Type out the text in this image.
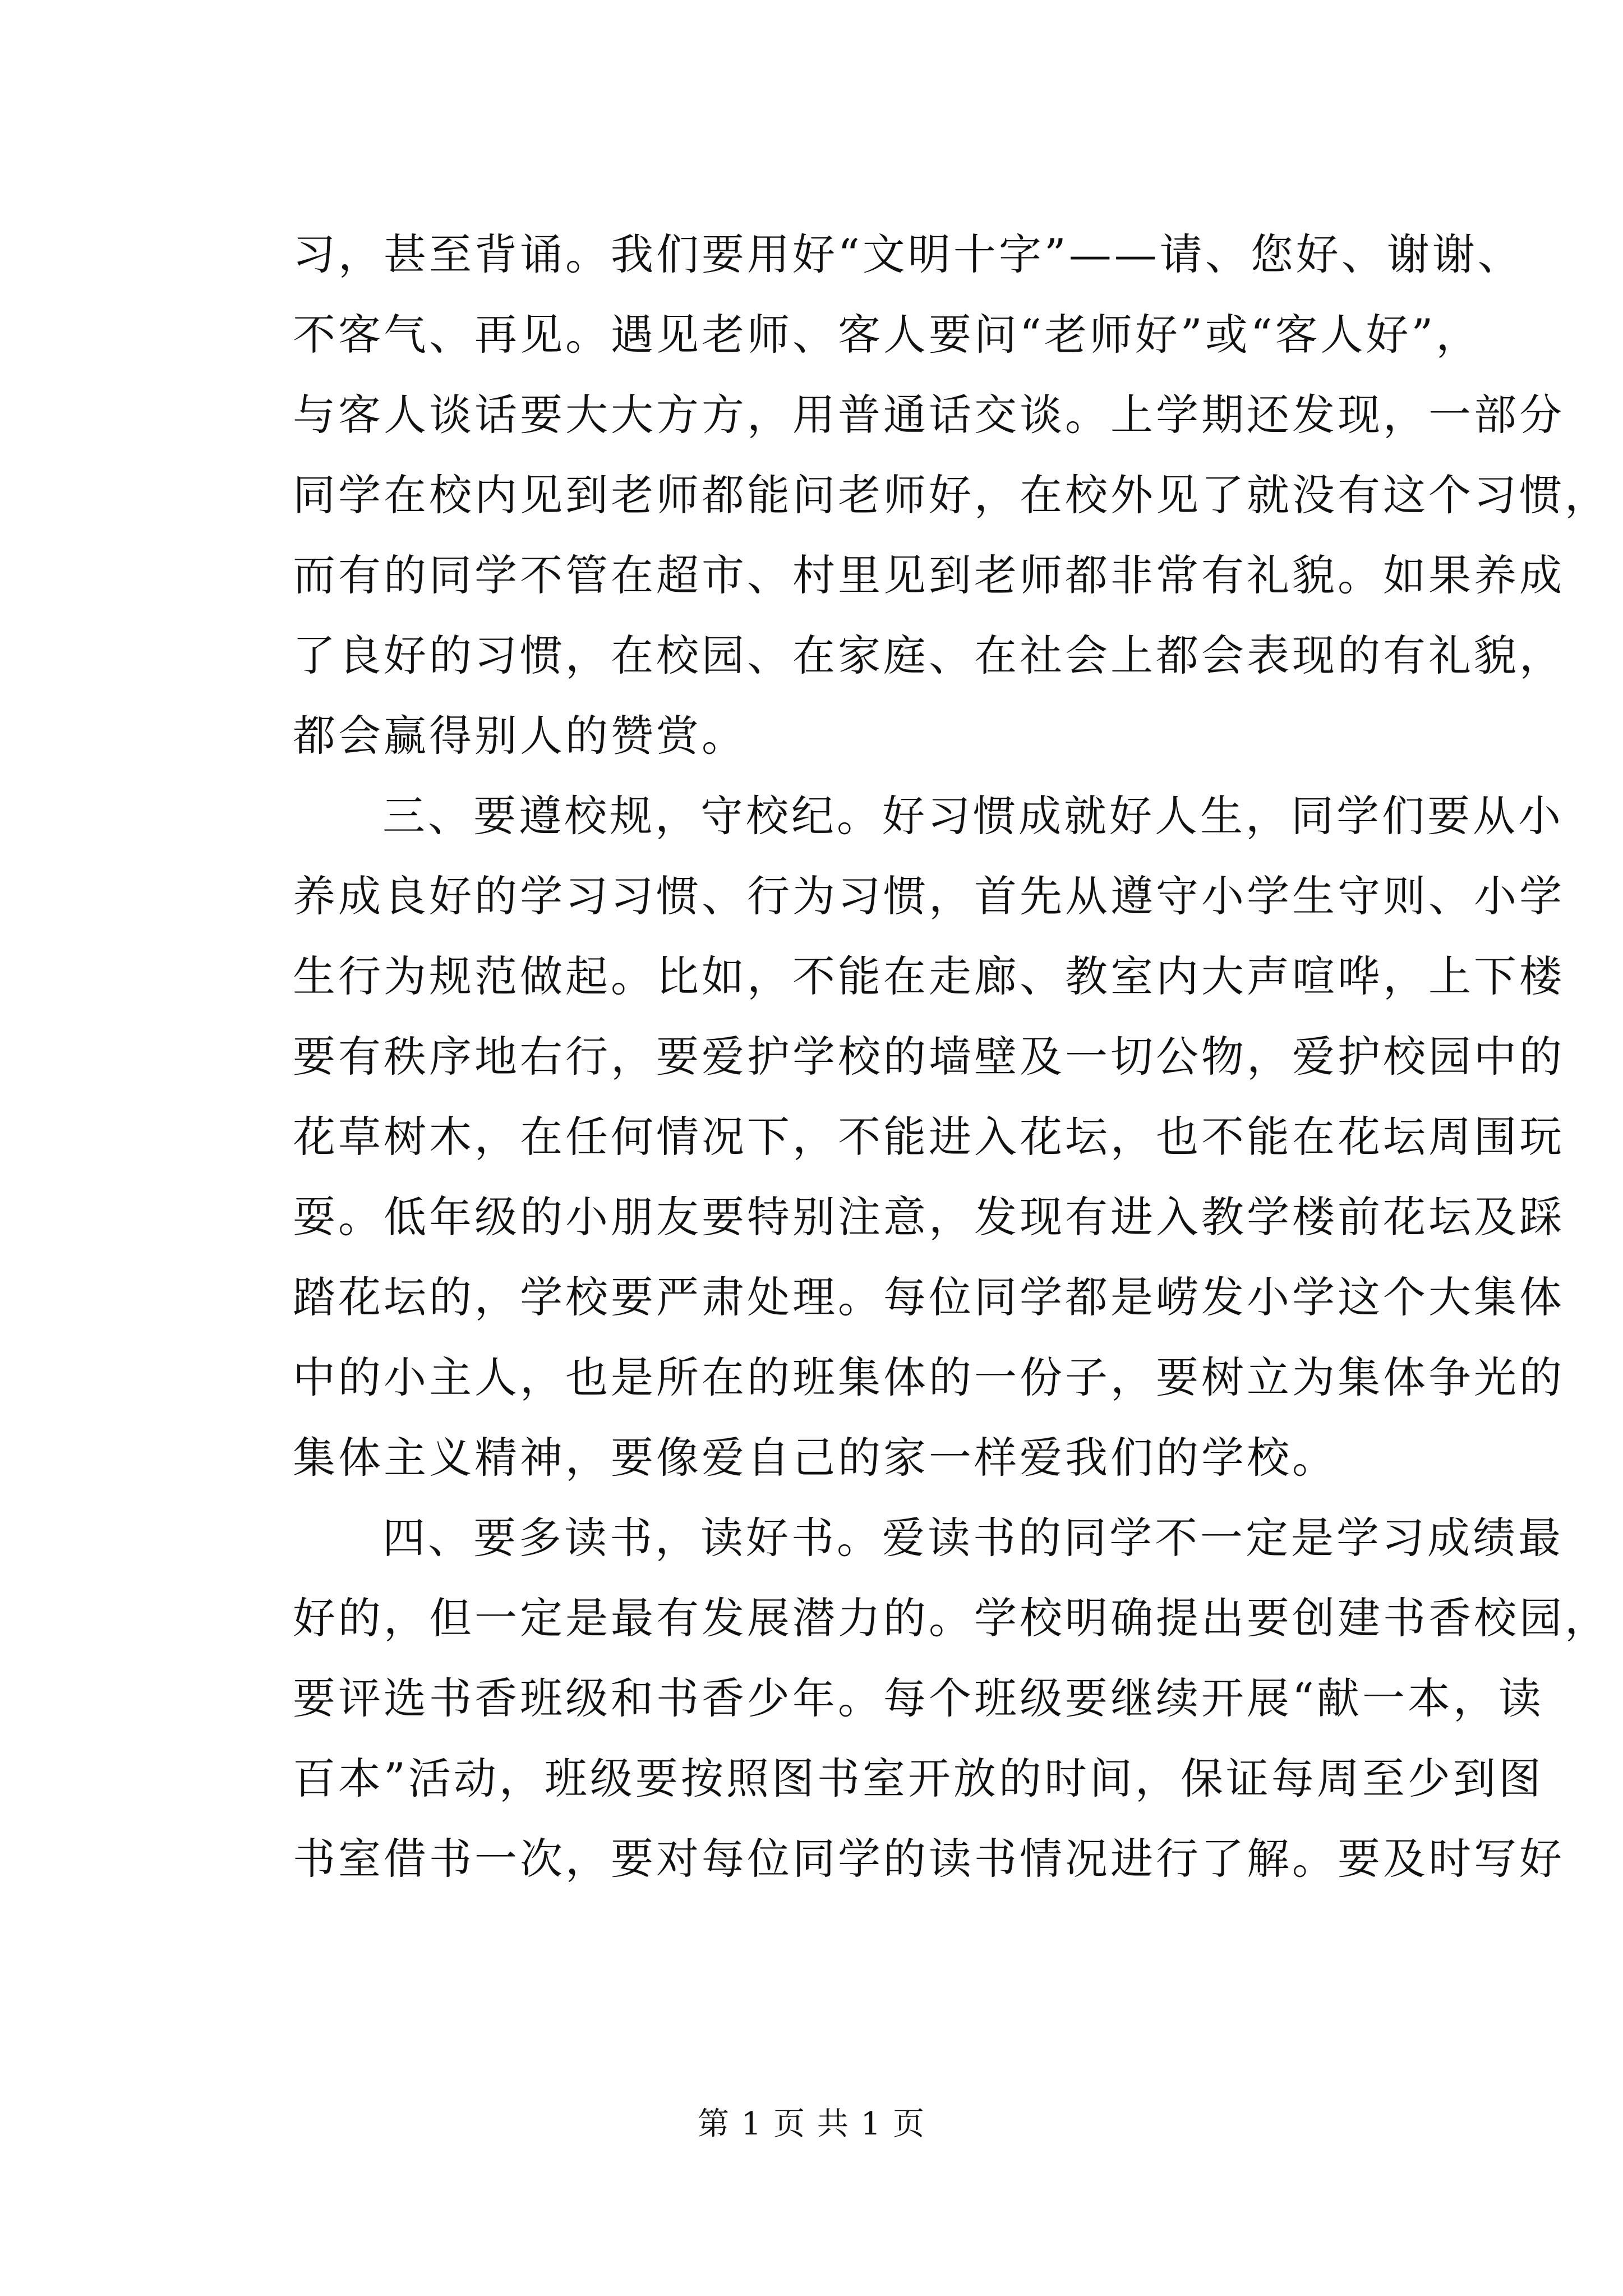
习，甚至背诵。我们要用好“文明十字”——请、您好、谢谢、
不客气、再见。遇见老师、客人要问“老师好”或“客人好”，
与客人谈话要大大方方，用普通话交谈。上学期还发现，一部分
同学在校内见到老师都能问老师好，在校外见了就没有这个习惯，
而有的同学不管在超市、村里见到老师都非常有礼貌。如果养成
了良好的习惯，在校园、在家庭、在社会上都会表现的有礼貌，
都会赢得别人的赞赏。
三、要遵校规，守校纪。好习惯成就好人生，同学们要从小
养成良好的学习习惯、行为习惯，首先从遵守小学生守则、小学
生行为规范做起。比如，不能在走廊、教室内大声喧哗，上下楼
要有秩序地右行，要爱护学校的墙壁及一切公物，爱护校园中的
花草树木，在任何情况下，不能进入花坛，也不能在花坛周围玩
耍。低年级的小朋友要特别注意，发现有进入教学楼前花坛及踩
踏花坛的，学校要严肃处理。每位同学都是崂发小学这个大集体
中的小主人，也是所在的班集体的一份子，要树立为集体争光的
集体主义精神，要像爱自己的家一样爱我们的学校。
四、要多读书，读好书。爱读书的同学不一定是学习成绩最
好的，但一定是最有发展潜力的。学校明确提出要创建书香校园，
要评选书香班级和书香少年。每个班级要继续开展“献一本，读
百本”活动，班级要按照图书室开放的时间，保证每周至少到图
书室借书一次，要对每位同学的读书情况进行了解。要及时写好
第 1 页 共 1 页
